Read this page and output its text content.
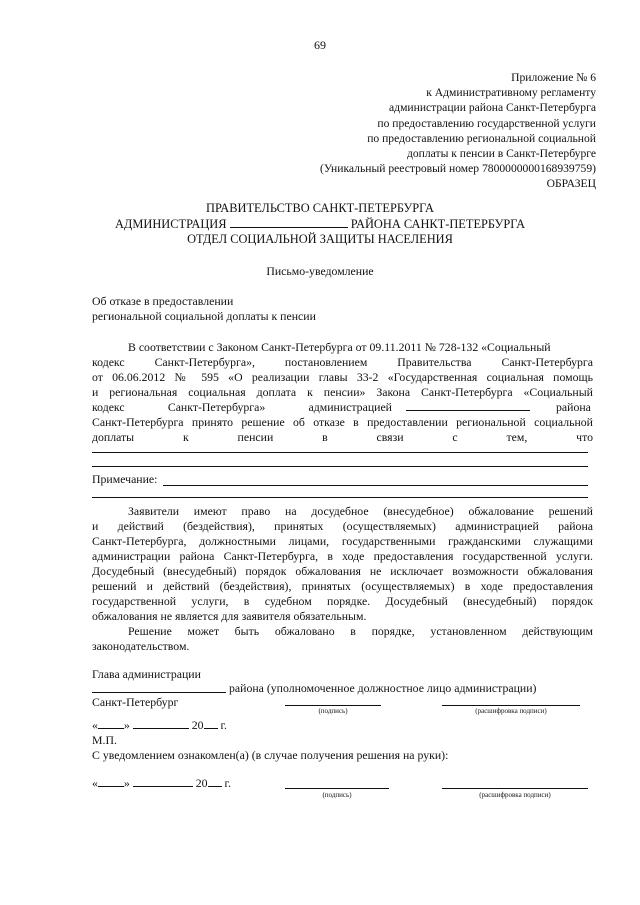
69
Приложение № 6
к Административному регламенту
администрации района Санкт-Петербурга
по предоставлению государственной услуги
по предоставлению региональной социальной
доплаты к пенсии в Санкт-Петербурге
(Уникальный реестровый номер 7800000000168939759)
ОБРАЗЕЦ
ПРАВИТЕЛЬСТВО САНКТ-ПЕТЕРБУРГА
АДМИНИСТРАЦИЯ	РАЙОНА САНКТ-ПЕТЕРБУРГА
ОТДЕЛ СОЦИАЛЬНОЙ ЗАЩИТЫ НАСЕЛЕНИЯ
Письмо-уведомление
Об отказе в предоставлении
региональной социальной доплаты к пенсии
В соответствии с Законом Санкт-Петербурга от 09.11.2011 № 728-132 «Социальный
кодекс Санкт-Петербурга», постановлением Правительства Санкт-Петербурга
от 06.06.2012 № 595 «О реализации главы 33-2 «Государственная социальная помощь
и региональная социальная доплата к пенсии» Закона Санкт-Петербурга «Социальный
кодекс Санкт-Петербурга» администрацией	района
Санкт-Петербурга принято решение об отказе в предоставлении региональной социальной
доплаты к пенсии в связи с тем, что
Примечание:
Заявители имеют право на досудебное (внесудебное) обжалование решений
и действий (бездействия), принятых (осуществляемых) администрацией района
Санкт-Петербурга, должностными лицами, государственными гражданскими служащими
администрации района Санкт-Петербурга, в ходе предоставления государственной услуги.
Досудебный (внесудебный) порядок обжалования не исключает возможности обжалования
решений и действий (бездействия), принятых (осуществляемых) в ходе предоставления
государственной услуги, в судебном порядке. Досудебный (внесудебный) порядок
обжалования не является для заявителя обязательным.
Решение может быть обжаловано в порядке, установленном действующим
законодательством.
Глава администрации
района (уполномоченное должностное лицо администрации)
Санкт-Петербург
(подпись)	(расшифровка подписи)
« »	20 г.
М.П.
С уведомлением ознакомлен(а) (в случае получения решения на руки):
« »	20 г.
(подпись)	(расшифровка подписи)
